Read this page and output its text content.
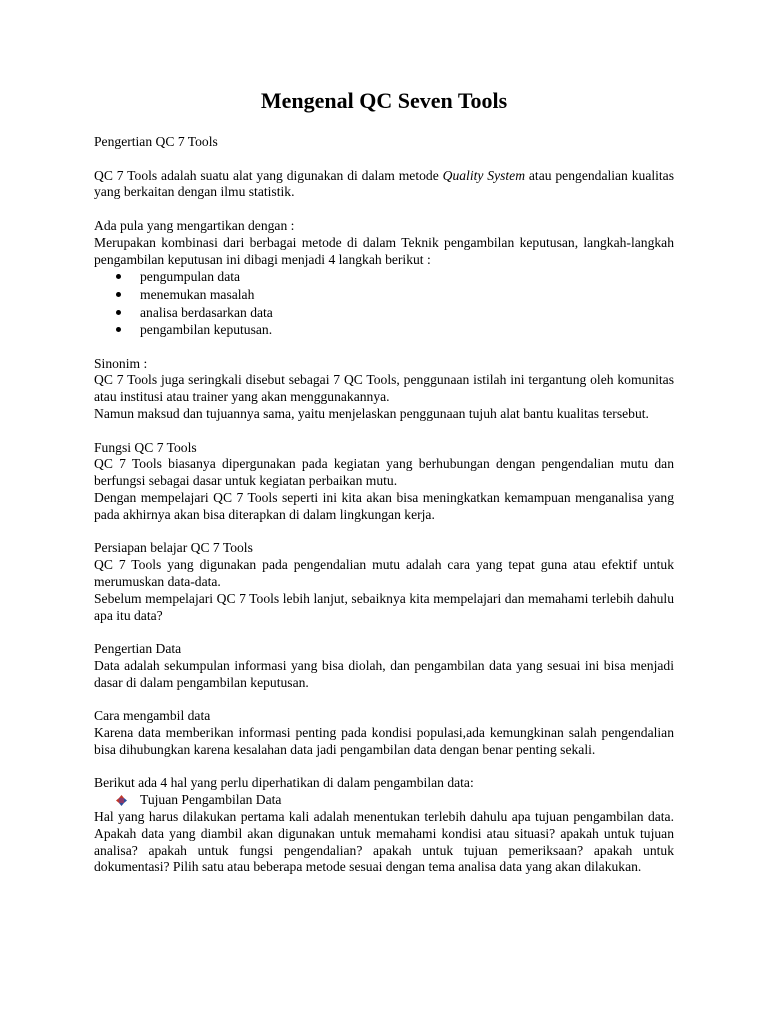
Mengenal QC Seven Tools

Pengertian QC 7 Tools

QC 7 Tools adalah suatu alat yang digunakan di dalam metode Quality System atau pengendalian kualitas yang berkaitan dengan ilmu statistik.

Ada pula yang mengartikan dengan :

Merupakan kombinasi dari berbagai metode di dalam Teknik pengambilan keputusan, langkah-langkah pengambilan keputusan ini dibagi menjadi 4 langkah berikut :

pengumpulan data
menemukan masalah
analisa berdasarkan data
pengambilan keputusan.

Sinonim :

QC 7 Tools juga seringkali disebut sebagai 7 QC Tools, penggunaan istilah ini tergantung oleh komunitas atau institusi atau trainer yang akan menggunakannya.

Namun maksud dan tujuannya sama, yaitu menjelaskan penggunaan tujuh alat bantu kualitas tersebut.

Fungsi QC 7 Tools

QC 7 Tools biasanya dipergunakan pada kegiatan yang berhubungan dengan pengendalian mutu dan berfungsi sebagai dasar untuk kegiatan perbaikan mutu.

Dengan mempelajari QC 7 Tools seperti ini kita akan bisa meningkatkan kemampuan menganalisa yang pada akhirnya akan bisa diterapkan di dalam lingkungan kerja.

Persiapan belajar QC 7 Tools

QC 7 Tools yang digunakan pada pengendalian mutu adalah cara yang tepat guna atau efektif untuk merumuskan data-data.

Sebelum mempelajari QC 7 Tools lebih lanjut, sebaiknya kita mempelajari dan memahami terlebih dahulu apa itu data?

Pengertian Data

Data adalah sekumpulan informasi yang bisa diolah, dan pengambilan data yang sesuai ini bisa menjadi dasar di dalam pengambilan keputusan.

Cara mengambil data

Karena data memberikan informasi penting pada kondisi populasi,ada kemungkinan salah pengendalian bisa dihubungkan karena kesalahan data jadi pengambilan data dengan benar penting sekali.

Berikut ada 4 hal yang perlu diperhatikan di dalam pengambilan data:

Tujuan Pengambilan Data

Hal yang harus dilakukan pertama kali adalah menentukan terlebih dahulu apa tujuan pengambilan data. Apakah data yang diambil akan digunakan untuk memahami kondisi atau situasi? apakah untuk tujuan analisa? apakah untuk fungsi pengendalian? apakah untuk tujuan pemeriksaan? apakah untuk dokumentasi? Pilih satu atau beberapa metode sesuai dengan tema analisa data yang akan dilakukan.
